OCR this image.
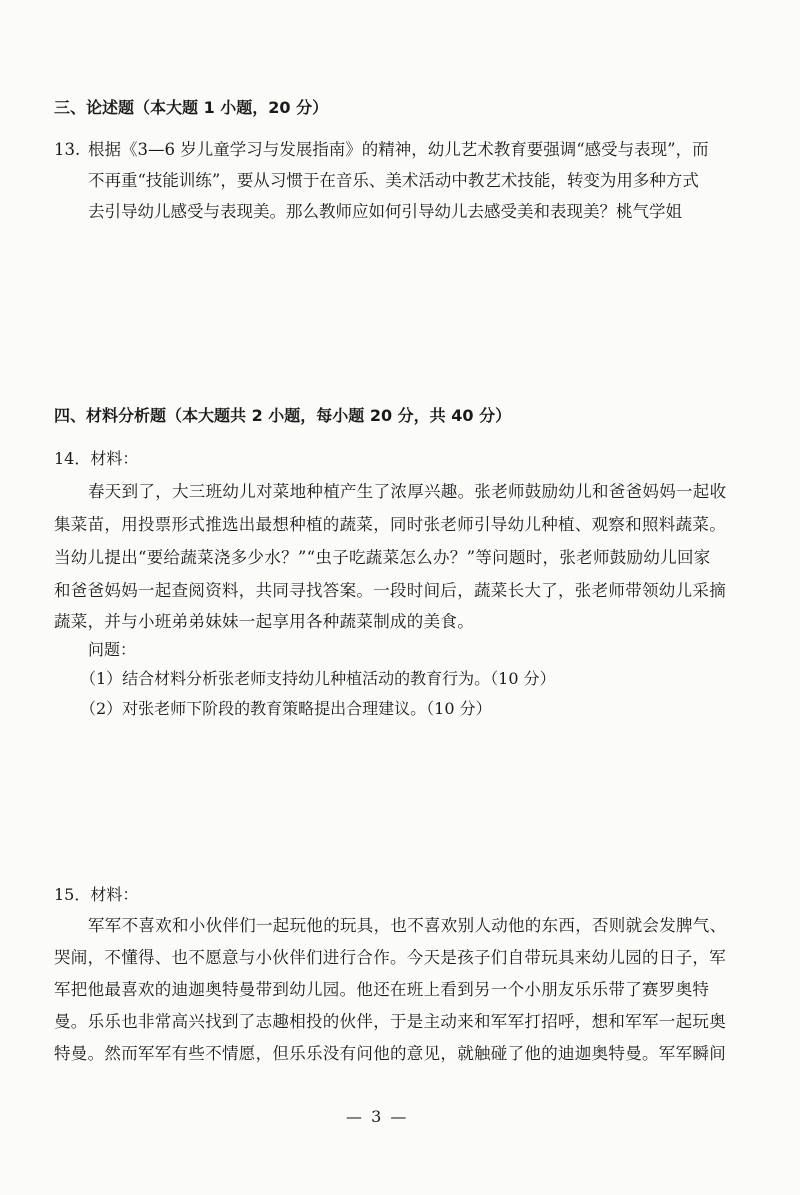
三、论述题（本大题 1 小题，20 分）
13. 根据《3—6 岁儿童学习与发展指南》的精神，幼儿艺术教育要强调“感受与表现”，而
不再重“技能训练”，要从习惯于在音乐、美术活动中教艺术技能，转变为用多种方式
去引导幼儿感受与表现美。那么教师应如何引导幼儿去感受美和表现美？桃气学姐
四、材料分析题（本大题共 2 小题，每小题 20 分，共 40 分）
14．材料：
春天到了，大三班幼儿对菜地种植产生了浓厚兴趣。张老师鼓励幼儿和爸爸妈妈一起收
集菜苗，用投票形式推选出最想种植的蔬菜，同时张老师引导幼儿种植、观察和照料蔬菜。
当幼儿提出“要给蔬菜浇多少水？”“虫子吃蔬菜怎么办？”等问题时，张老师鼓励幼儿回家
和爸爸妈妈一起查阅资料，共同寻找答案。一段时间后，蔬菜长大了，张老师带领幼儿采摘
蔬菜，并与小班弟弟妹妹一起享用各种蔬菜制成的美食。
问题：
（1）结合材料分析张老师支持幼儿种植活动的教育行为。（10 分）
（2）对张老师下阶段的教育策略提出合理建议。（10 分）
15．材料：
军军不喜欢和小伙伴们一起玩他的玩具，也不喜欢别人动他的东西，否则就会发脾气、
哭闹，不懂得、也不愿意与小伙伴们进行合作。今天是孩子们自带玩具来幼儿园的日子，军
军把他最喜欢的迪迦奥特曼带到幼儿园。他还在班上看到另一个小朋友乐乐带了赛罗奥特
曼。乐乐也非常高兴找到了志趣相投的伙伴，于是主动来和军军打招呼，想和军军一起玩奥
特曼。然而军军有些不情愿，但乐乐没有问他的意见，就触碰了他的迪迦奥特曼。军军瞬间
— 3 —
